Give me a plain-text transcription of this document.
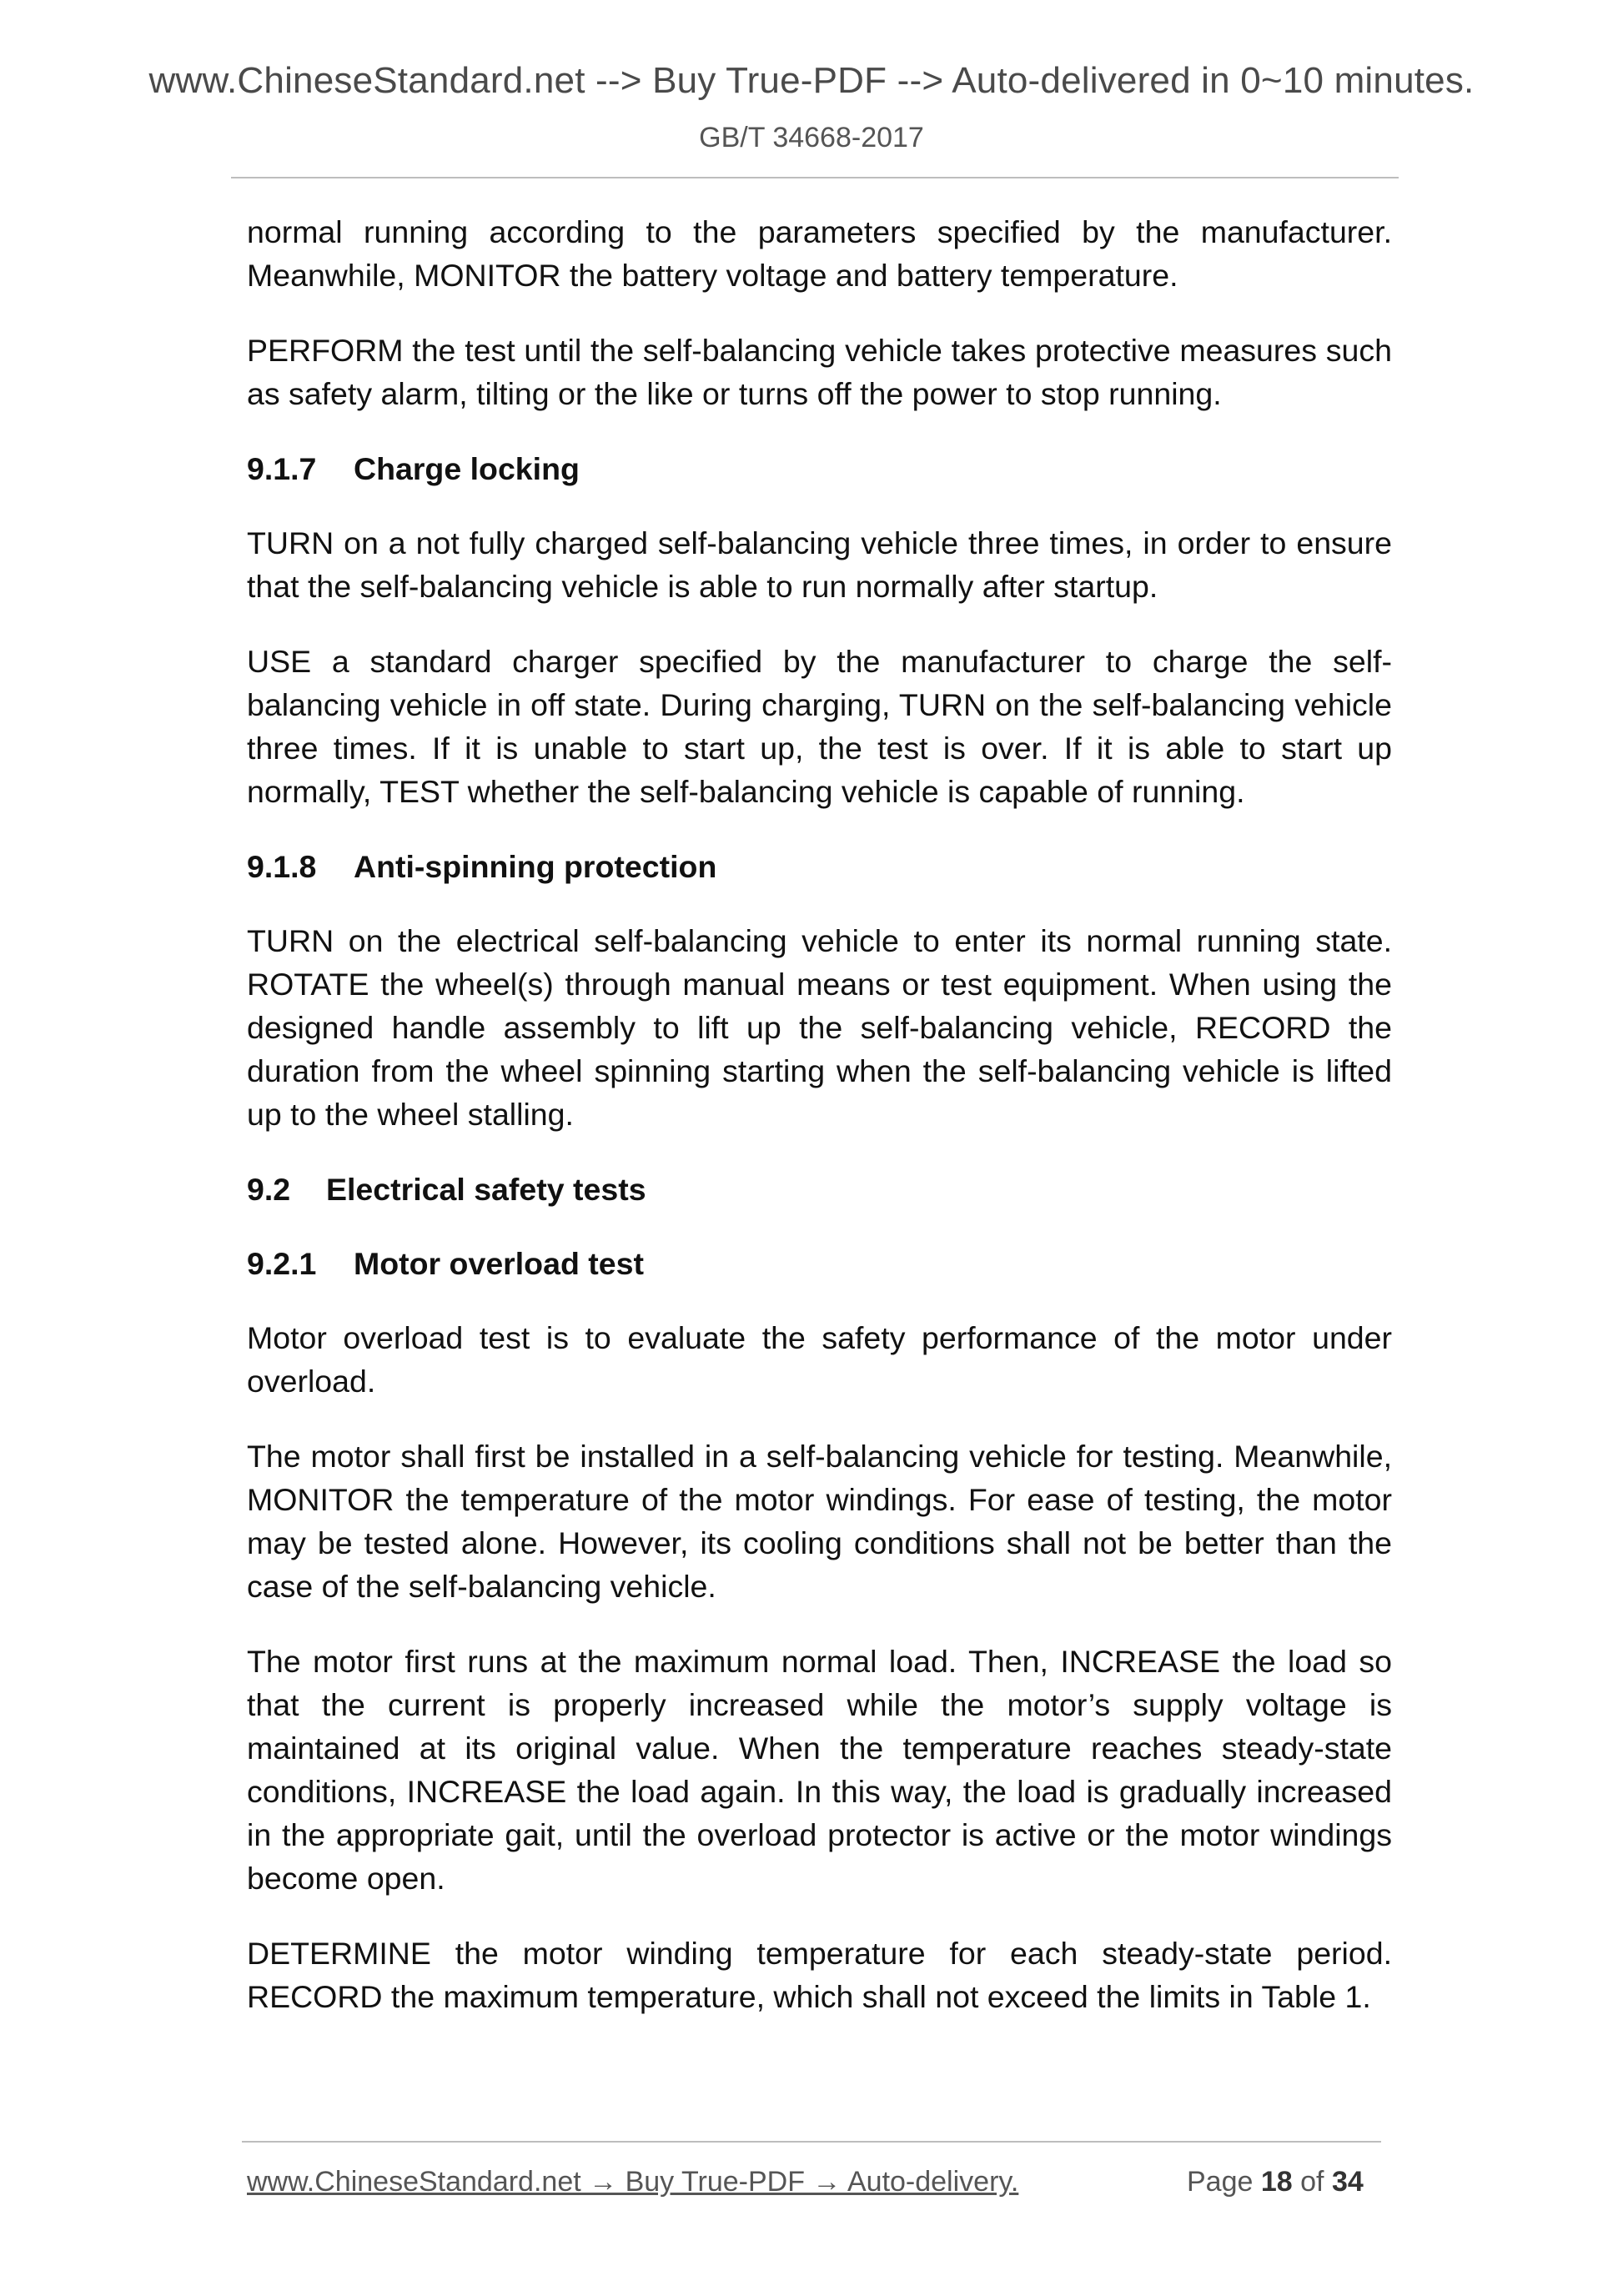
www.ChineseStandard.net --> Buy True-PDF --> Auto-delivered in 0~10 minutes.
GB/T 34668-2017

normal running according to the parameters specified by the manufacturer. Meanwhile, MONITOR the battery voltage and battery temperature.

PERFORM the test until the self-balancing vehicle takes protective measures such as safety alarm, tilting or the like or turns off the power to stop running.

9.1.7 Charge locking

TURN on a not fully charged self-balancing vehicle three times, in order to ensure that the self-balancing vehicle is able to run normally after startup.

USE a standard charger specified by the manufacturer to charge the self-balancing vehicle in off state. During charging, TURN on the self-balancing vehicle three times. If it is unable to start up, the test is over. If it is able to start up normally, TEST whether the self-balancing vehicle is capable of running.

9.1.8 Anti-spinning protection

TURN on the electrical self-balancing vehicle to enter its normal running state. ROTATE the wheel(s) through manual means or test equipment. When using the designed handle assembly to lift up the self-balancing vehicle, RECORD the duration from the wheel spinning starting when the self-balancing vehicle is lifted up to the wheel stalling.

9.2 Electrical safety tests
9.2.1 Motor overload test

Motor overload test is to evaluate the safety performance of the motor under overload.

The motor shall first be installed in a self-balancing vehicle for testing. Meanwhile, MONITOR the temperature of the motor windings. For ease of testing, the motor may be tested alone. However, its cooling conditions shall not be better than the case of the self-balancing vehicle.

The motor first runs at the maximum normal load. Then, INCREASE the load so that the current is properly increased while the motor’s supply voltage is maintained at its original value. When the temperature reaches steady-state conditions, INCREASE the load again. In this way, the load is gradually increased in the appropriate gait, until the overload protector is active or the motor windings become open.

DETERMINE the motor winding temperature for each steady-state period. RECORD the maximum temperature, which shall not exceed the limits in Table 1.

www.ChineseStandard.net → Buy True-PDF → Auto-delivery.	Page 18 of 34
